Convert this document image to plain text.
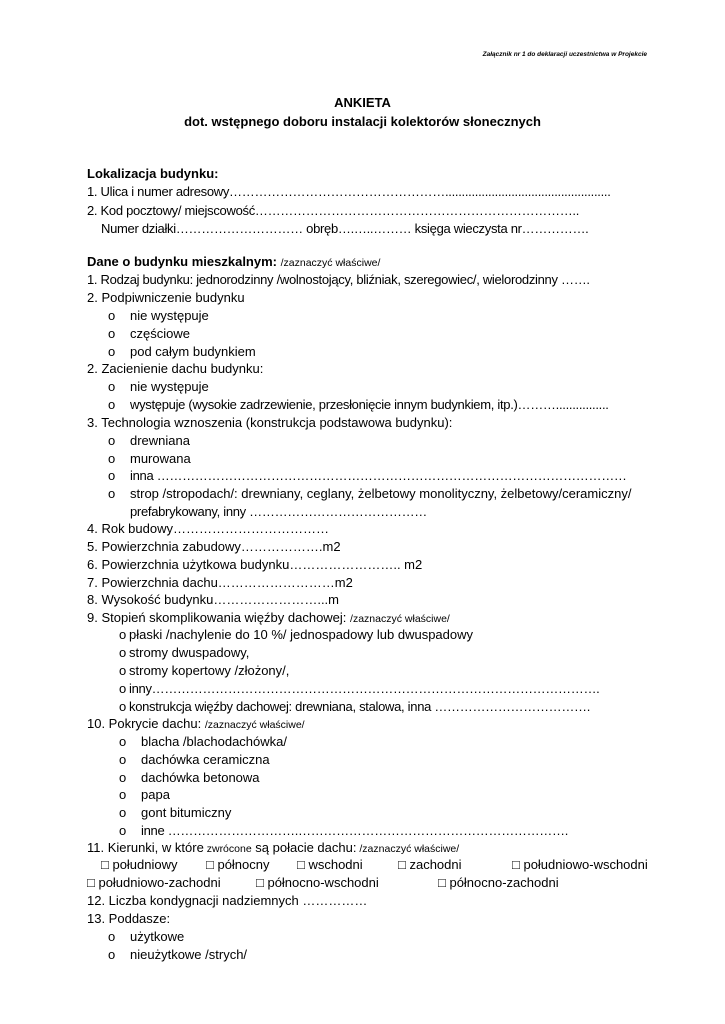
Załącznik nr 1 do deklaracji uczestnictwa w Projekcie
ANKIETA
dot. wstępnego doboru instalacji kolektorów słonecznych
Lokalizacja budynku:
1. Ulica i numer adresowy……………………………………………..................................................
2. Kod pocztowy/ miejscowość…………………………………………………………………..
Numer działki………………………… obręb….…..……… księga wieczysta nr…………….
Dane o budynku mieszkalnym: /zaznaczyć właściwe/
1. Rodzaj budynku: jednorodzinny /wolnostojący, bliźniak, szeregowiec/, wielorodzinny …….
2. Podpiwniczenie budynku
o nie występuje
o częściowe
o pod całym budynkiem
2. Zacienienie dachu budynku:
o nie występuje
o występuje (wysokie zadrzewienie, przesłonięcie innym budynkiem, itp.)………................
3. Technologia wznoszenia (konstrukcja podstawowa budynku):
o drewniana
o murowana
o inna …………………………………………………………………………………………………
o strop /stropodach/: drewniany, ceglany, żelbetowy monolityczny, żelbetowy/ceramiczny/
prefabrykowany, inny ……………………………………
4. Rok budowy………………………………
5. Powierzchnia zabudowy……………….m2
6. Powierzchnia użytkowa budynku…………………….. m2
7. Powierzchnia dachu………………………m2
8. Wysokość budynku……………………...m
9. Stopień skomplikowania więźby dachowej: /zaznaczyć właściwe/
o płaski /nachylenie do 10 %/ jednospadowy lub dwuspadowy
o stromy dwuspadowy,
o stromy kopertowy /złożony/,
o inny…………………………………………………………………………………………….
o konstrukcja więźby dachowej: drewniana, stalowa, inna ……………………………….
10. Pokrycie dachu: /zaznaczyć właściwe/
o blacha /blachodachówka/
o dachówka ceramiczna
o dachówka betonowa
o papa
o gont bitumiczny
o inne ………………………….……………………………………………………….
11. Kierunki, w które zwrócone są połacie dachu: /zaznaczyć właściwe/
□ południowy □ północny □ wschodni	□ zachodni	□ południowo-wschodni
□ południowo-zachodni	□ północno-wschodni	□ północno-zachodni
12. Liczba kondygnacji nadziemnych ……………
13. Poddasze:
o użytkowe
o nieużytkowe /strych/
